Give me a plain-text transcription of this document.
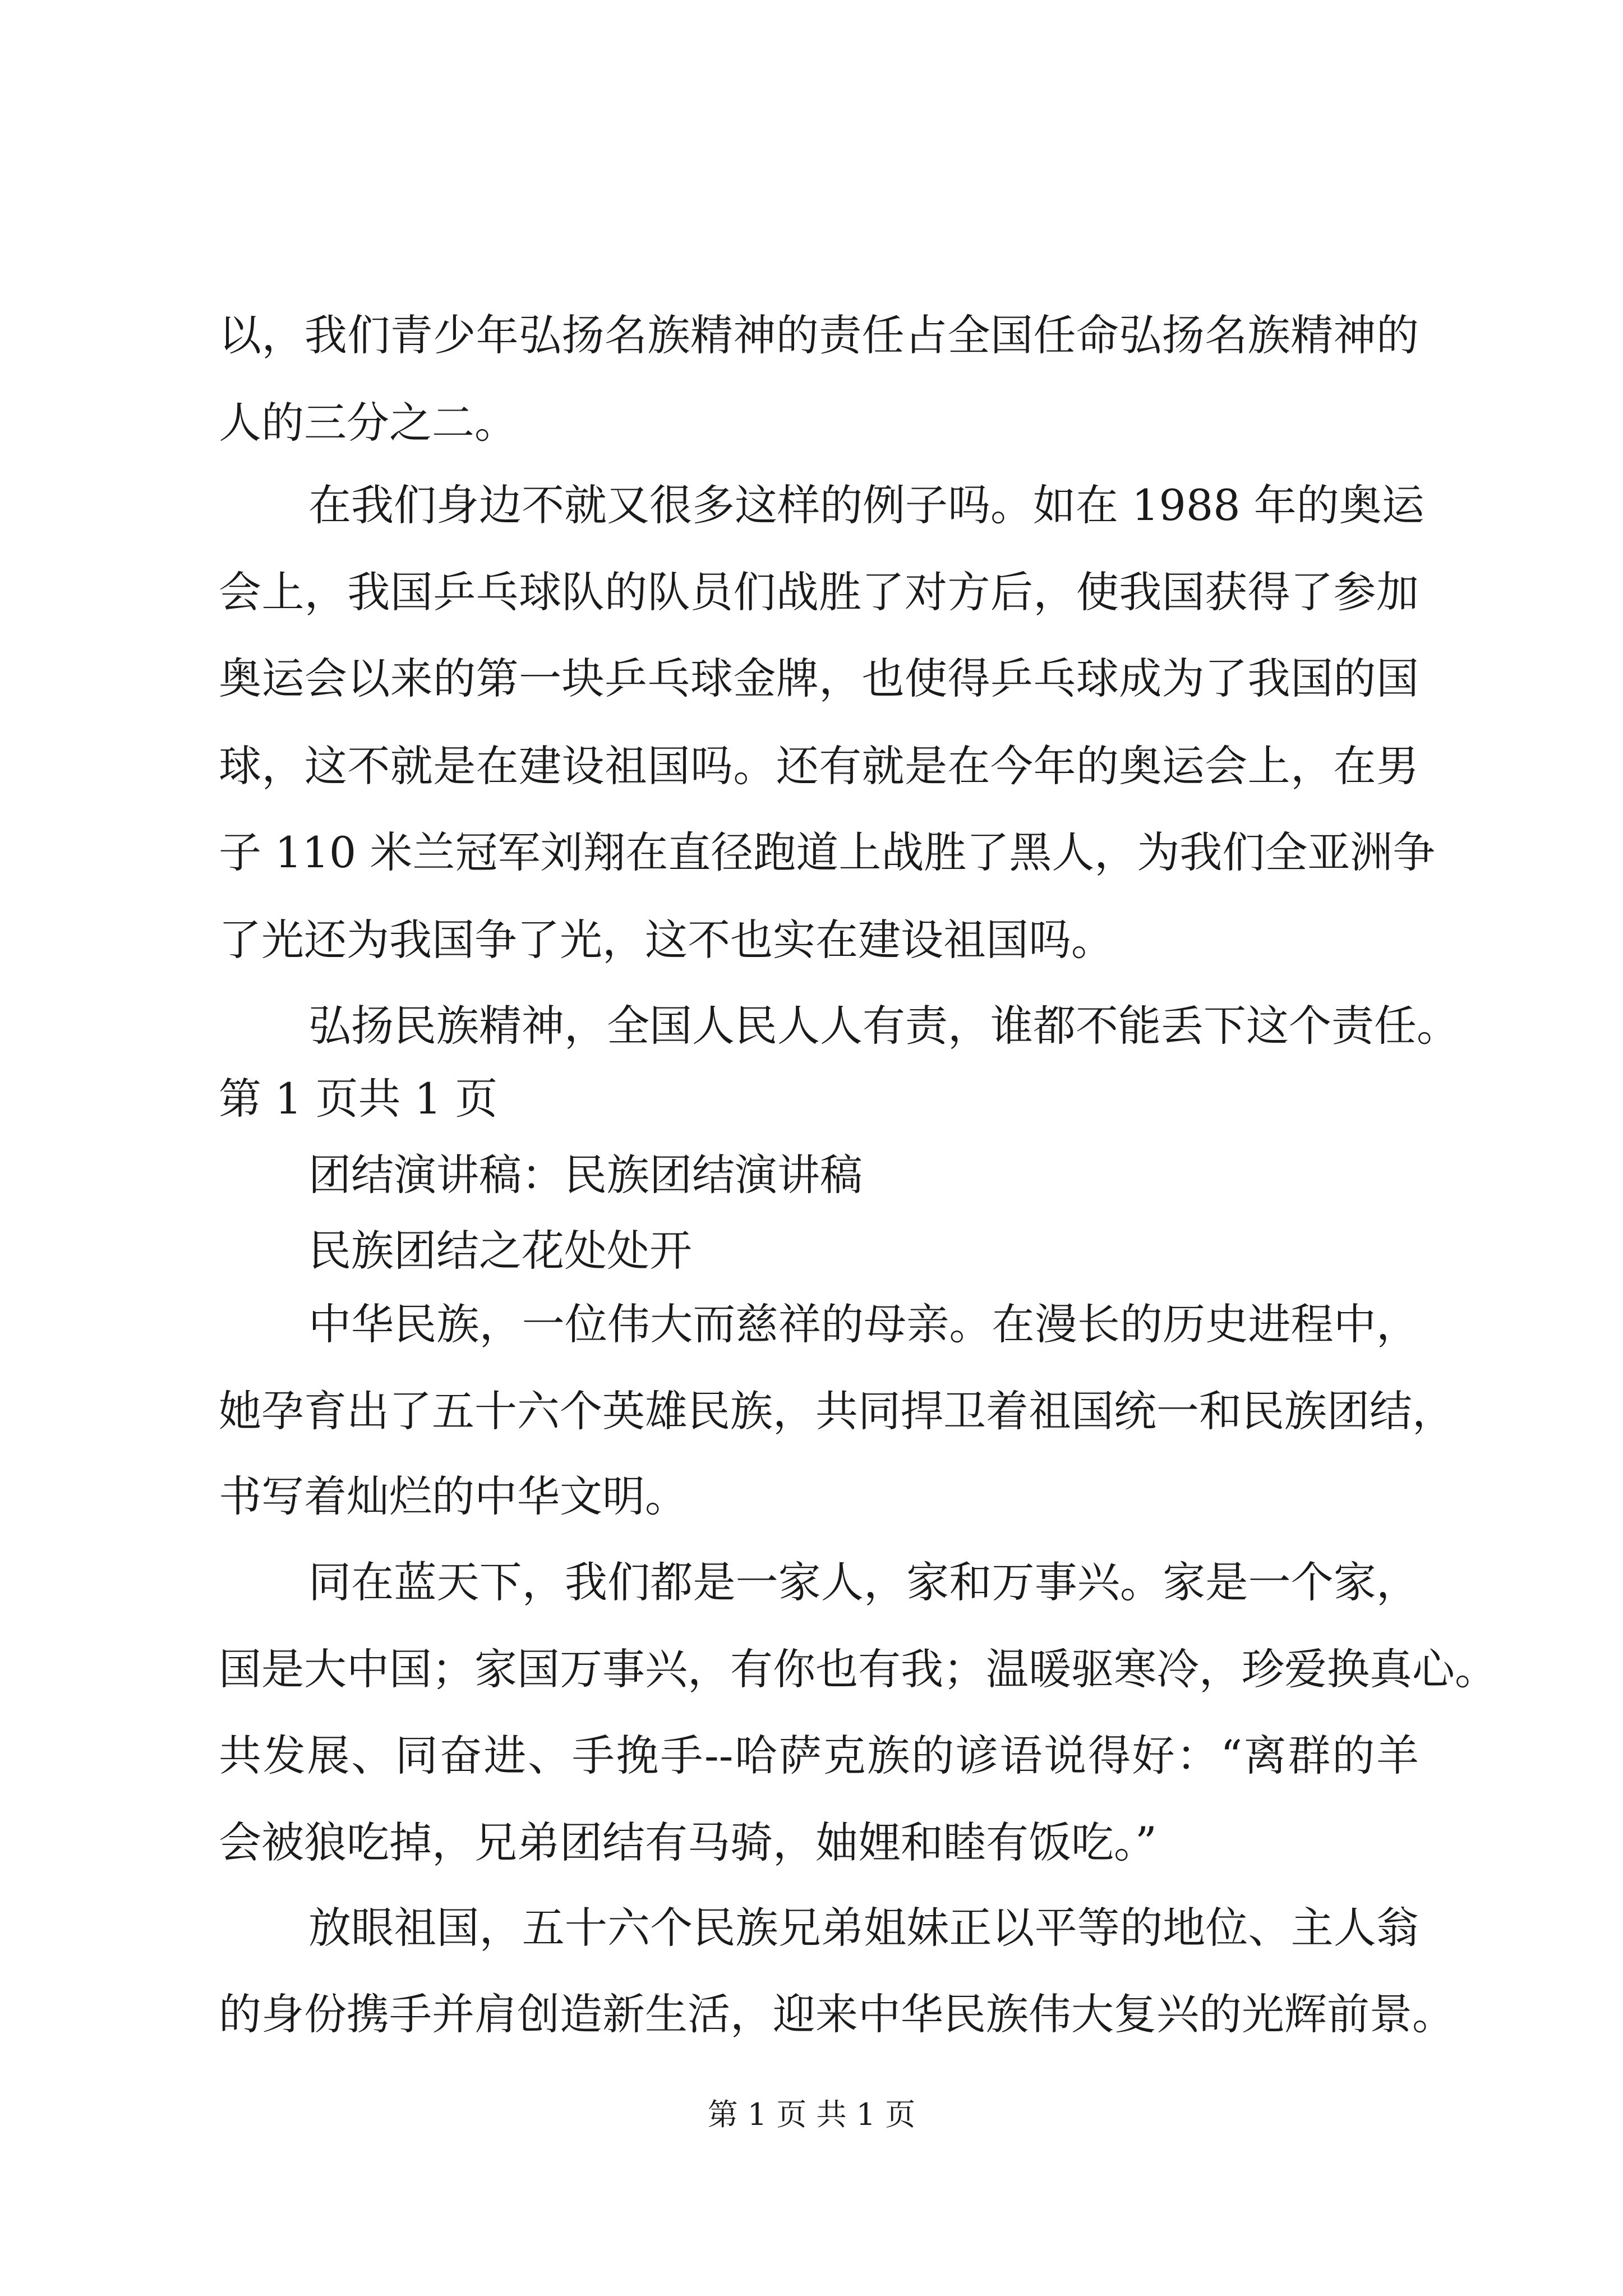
以，我们青少年弘扬名族精神的责任占全国任命弘扬名族精神的
人的三分之二。
在我们身边不就又很多这样的例子吗。如在 1988 年的奥运
会上，我国乒乓球队的队员们战胜了对方后，使我国获得了参加
奥运会以来的第一块乒乓球金牌，也使得乒乓球成为了我国的国
球，这不就是在建设祖国吗。还有就是在今年的奥运会上，在男
子 110 米兰冠军刘翔在直径跑道上战胜了黑人，为我们全亚洲争
了光还为我国争了光，这不也实在建设祖国吗。
弘扬民族精神，全国人民人人有责，谁都不能丢下这个责任。
第 1 页共 1 页
团结演讲稿：民族团结演讲稿
民族团结之花处处开
中华民族，一位伟大而慈祥的母亲。在漫长的历史进程中，
她孕育出了五十六个英雄民族，共同捍卫着祖国统一和民族团结，
书写着灿烂的中华文明。
同在蓝天下，我们都是一家人，家和万事兴。家是一个家，
国是大中国；家国万事兴，有你也有我；温暖驱寒冷，珍爱换真心。
共发展、同奋进、手挽手--哈萨克族的谚语说得好：“离群的羊
会被狼吃掉，兄弟团结有马骑，妯娌和睦有饭吃。”
放眼祖国，五十六个民族兄弟姐妹正以平等的地位、主人翁
的身份携手并肩创造新生活，迎来中华民族伟大复兴的光辉前景。
第 1 页 共 1 页
